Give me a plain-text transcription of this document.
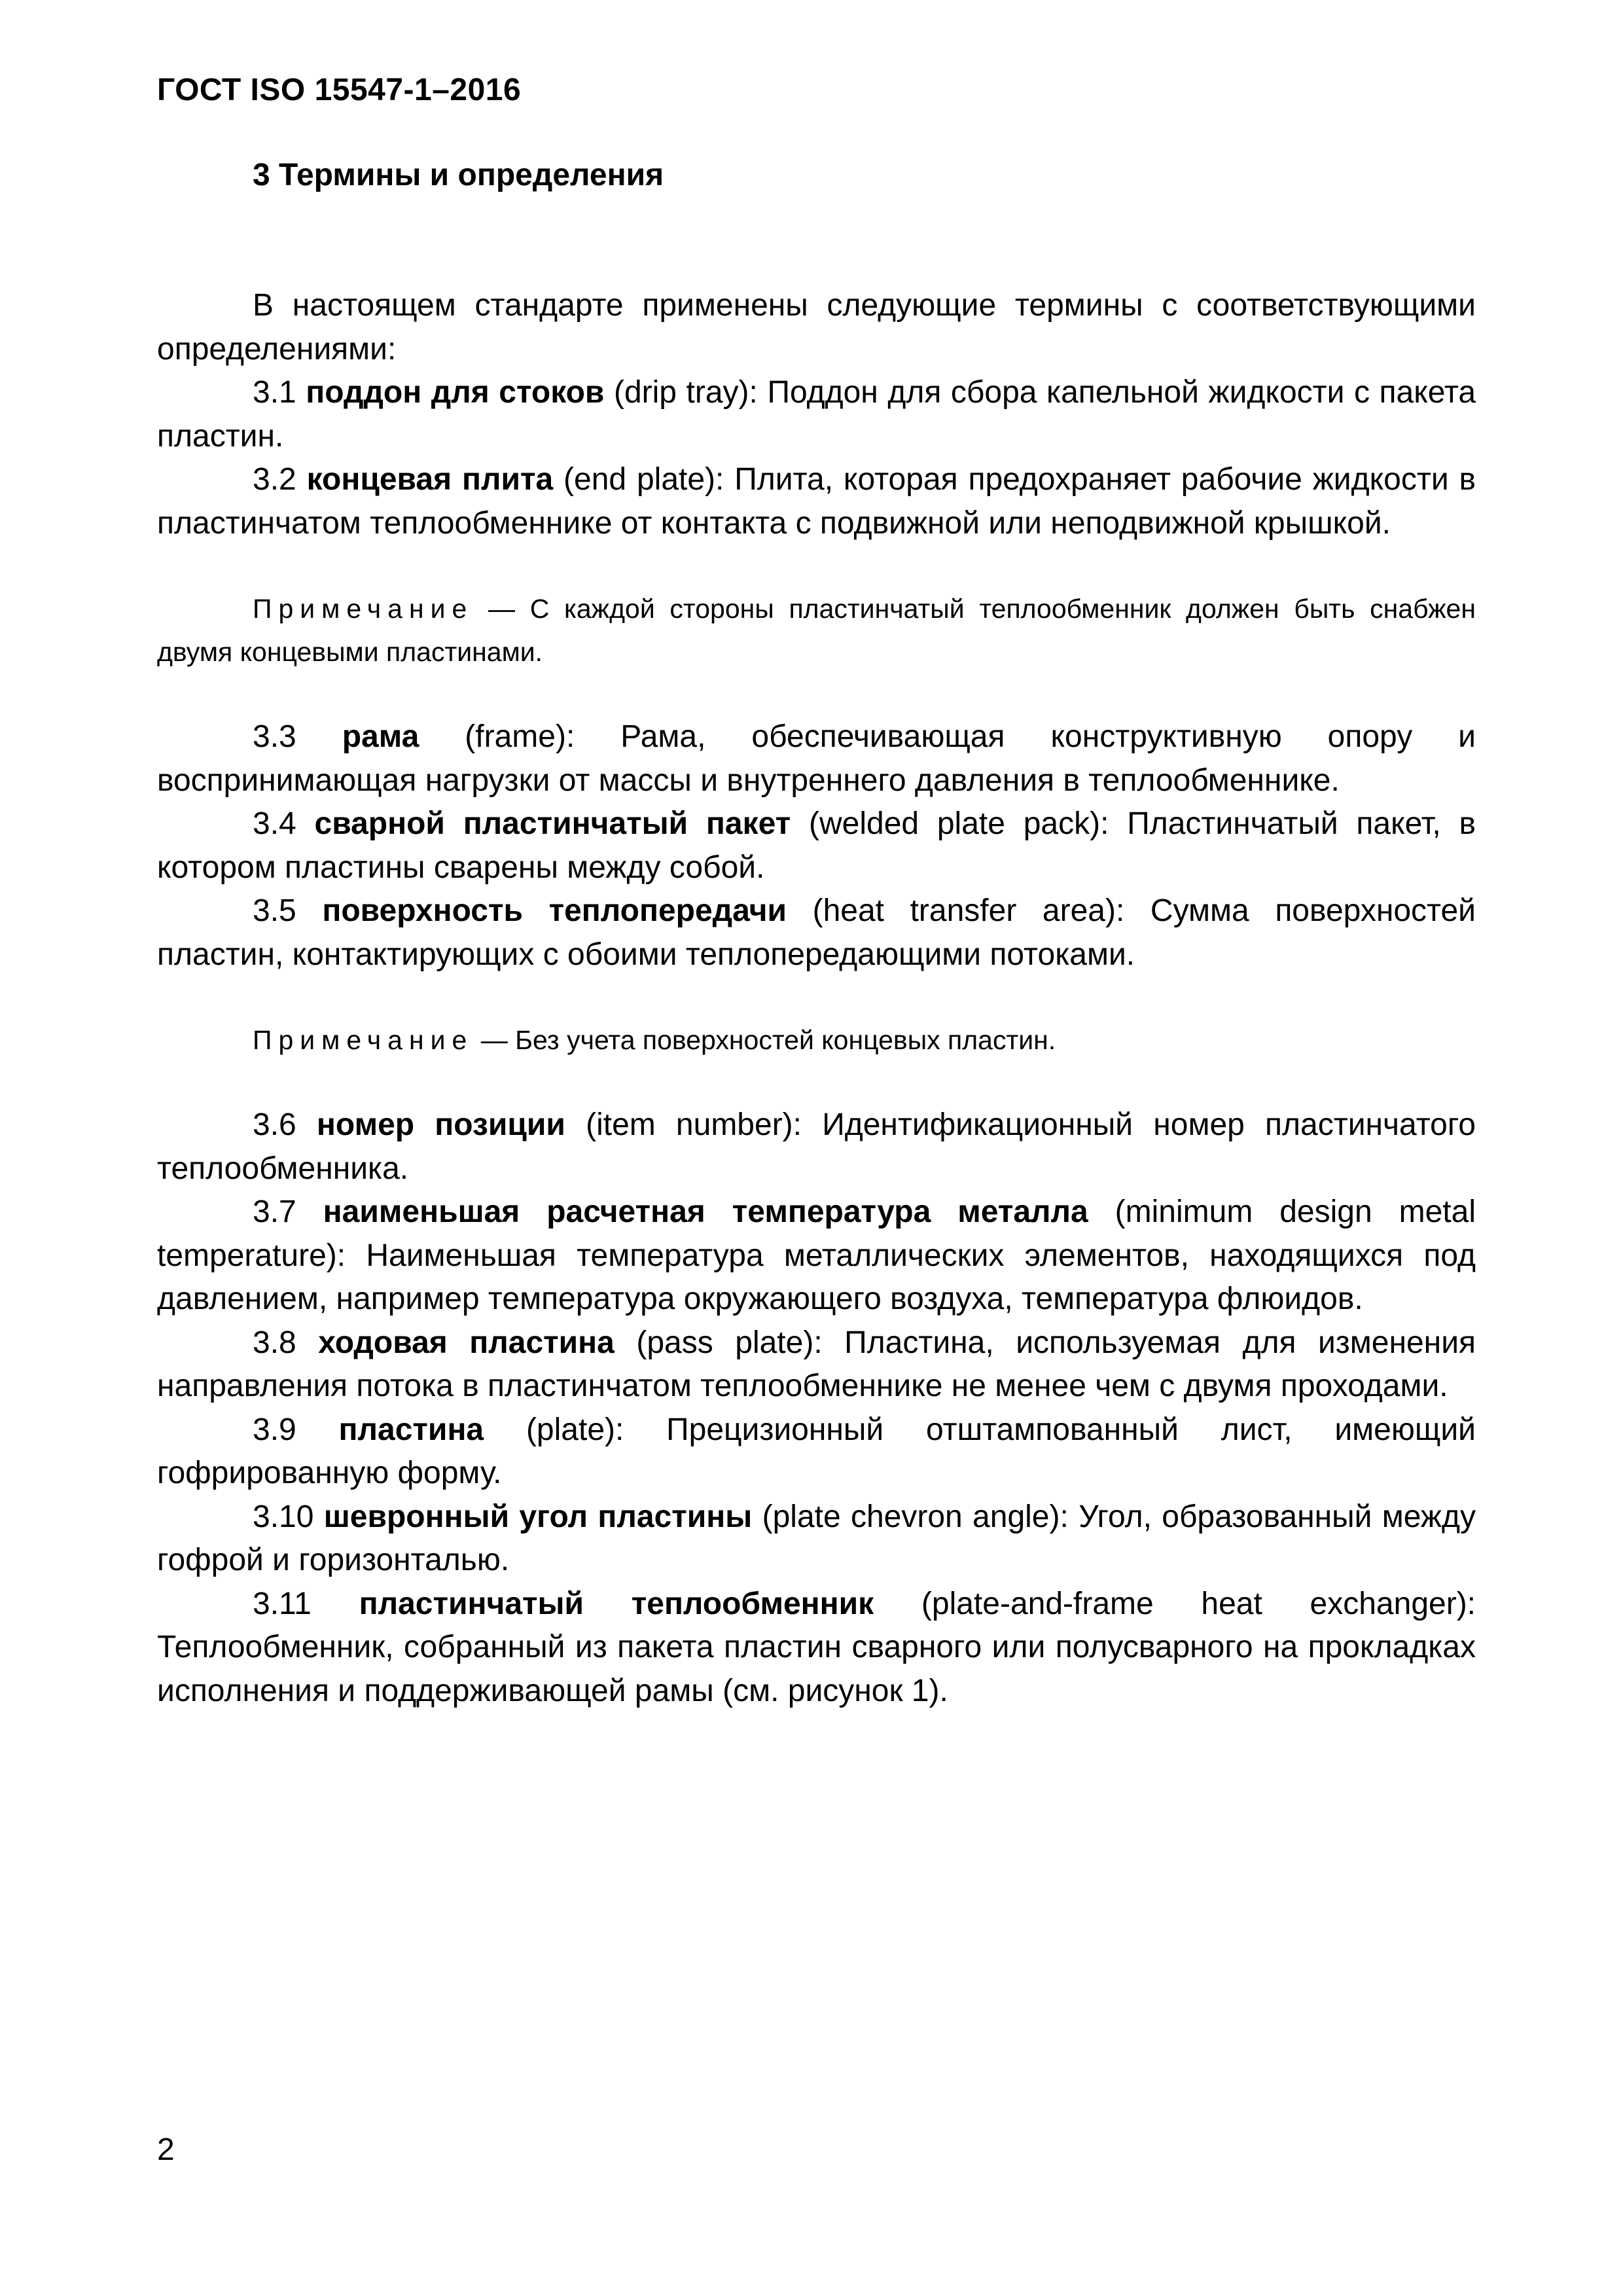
ГОСТ ISO 15547-1–2016
3 Термины и определения

В настоящем стандарте применены следующие термины с соответствующими определениями:

3.1 поддон для стоков (drip tray): Поддон для сбора капельной жидкости с пакета пластин.

3.2 концевая плита (end plate): Плита, которая предохраняет рабочие жидкости в пластинчатом теплообменнике от контакта с подвижной или неподвижной крышкой.

Примечание — С каждой стороны пластинчатый теплообменник должен быть снабжен двумя концевыми пластинами.

3.3 рама (frame): Рама, обеспечивающая конструктивную опору и воспринимающая нагрузки от массы и внутреннего давления в теплообменнике.

3.4 сварной пластинчатый пакет (welded plate pack): Пластинчатый пакет, в котором пластины сварены между собой.

3.5 поверхность теплопередачи (heat transfer area): Сумма поверхностей пластин, контактирующих с обоими теплопередающими потоками.

Примечание — Без учета поверхностей концевых пластин.

3.6 номер позиции (item number): Идентификационный номер пластинчатого теплообменника.

3.7 наименьшая расчетная температура металла (minimum design metal temperature): Наименьшая температура металлических элементов, находящихся под давлением, например температура окружающего воздуха, температура флюидов.

3.8 ходовая пластина (pass plate): Пластина, используемая для изменения направления потока в пластинчатом теплообменнике не менее чем с двумя проходами.

3.9 пластина (plate): Прецизионный отштампованный лист, имеющий гофрированную форму.

3.10 шевронный угол пластины (plate chevron angle): Угол, образованный между гофрой и горизонталью.

3.11 пластинчатый теплообменник (plate-and-frame heat exchanger): Теплообменник, собранный из пакета пластин сварного или полусварного на прокладках исполнения и поддерживающей рамы (см. рисунок 1).

2
